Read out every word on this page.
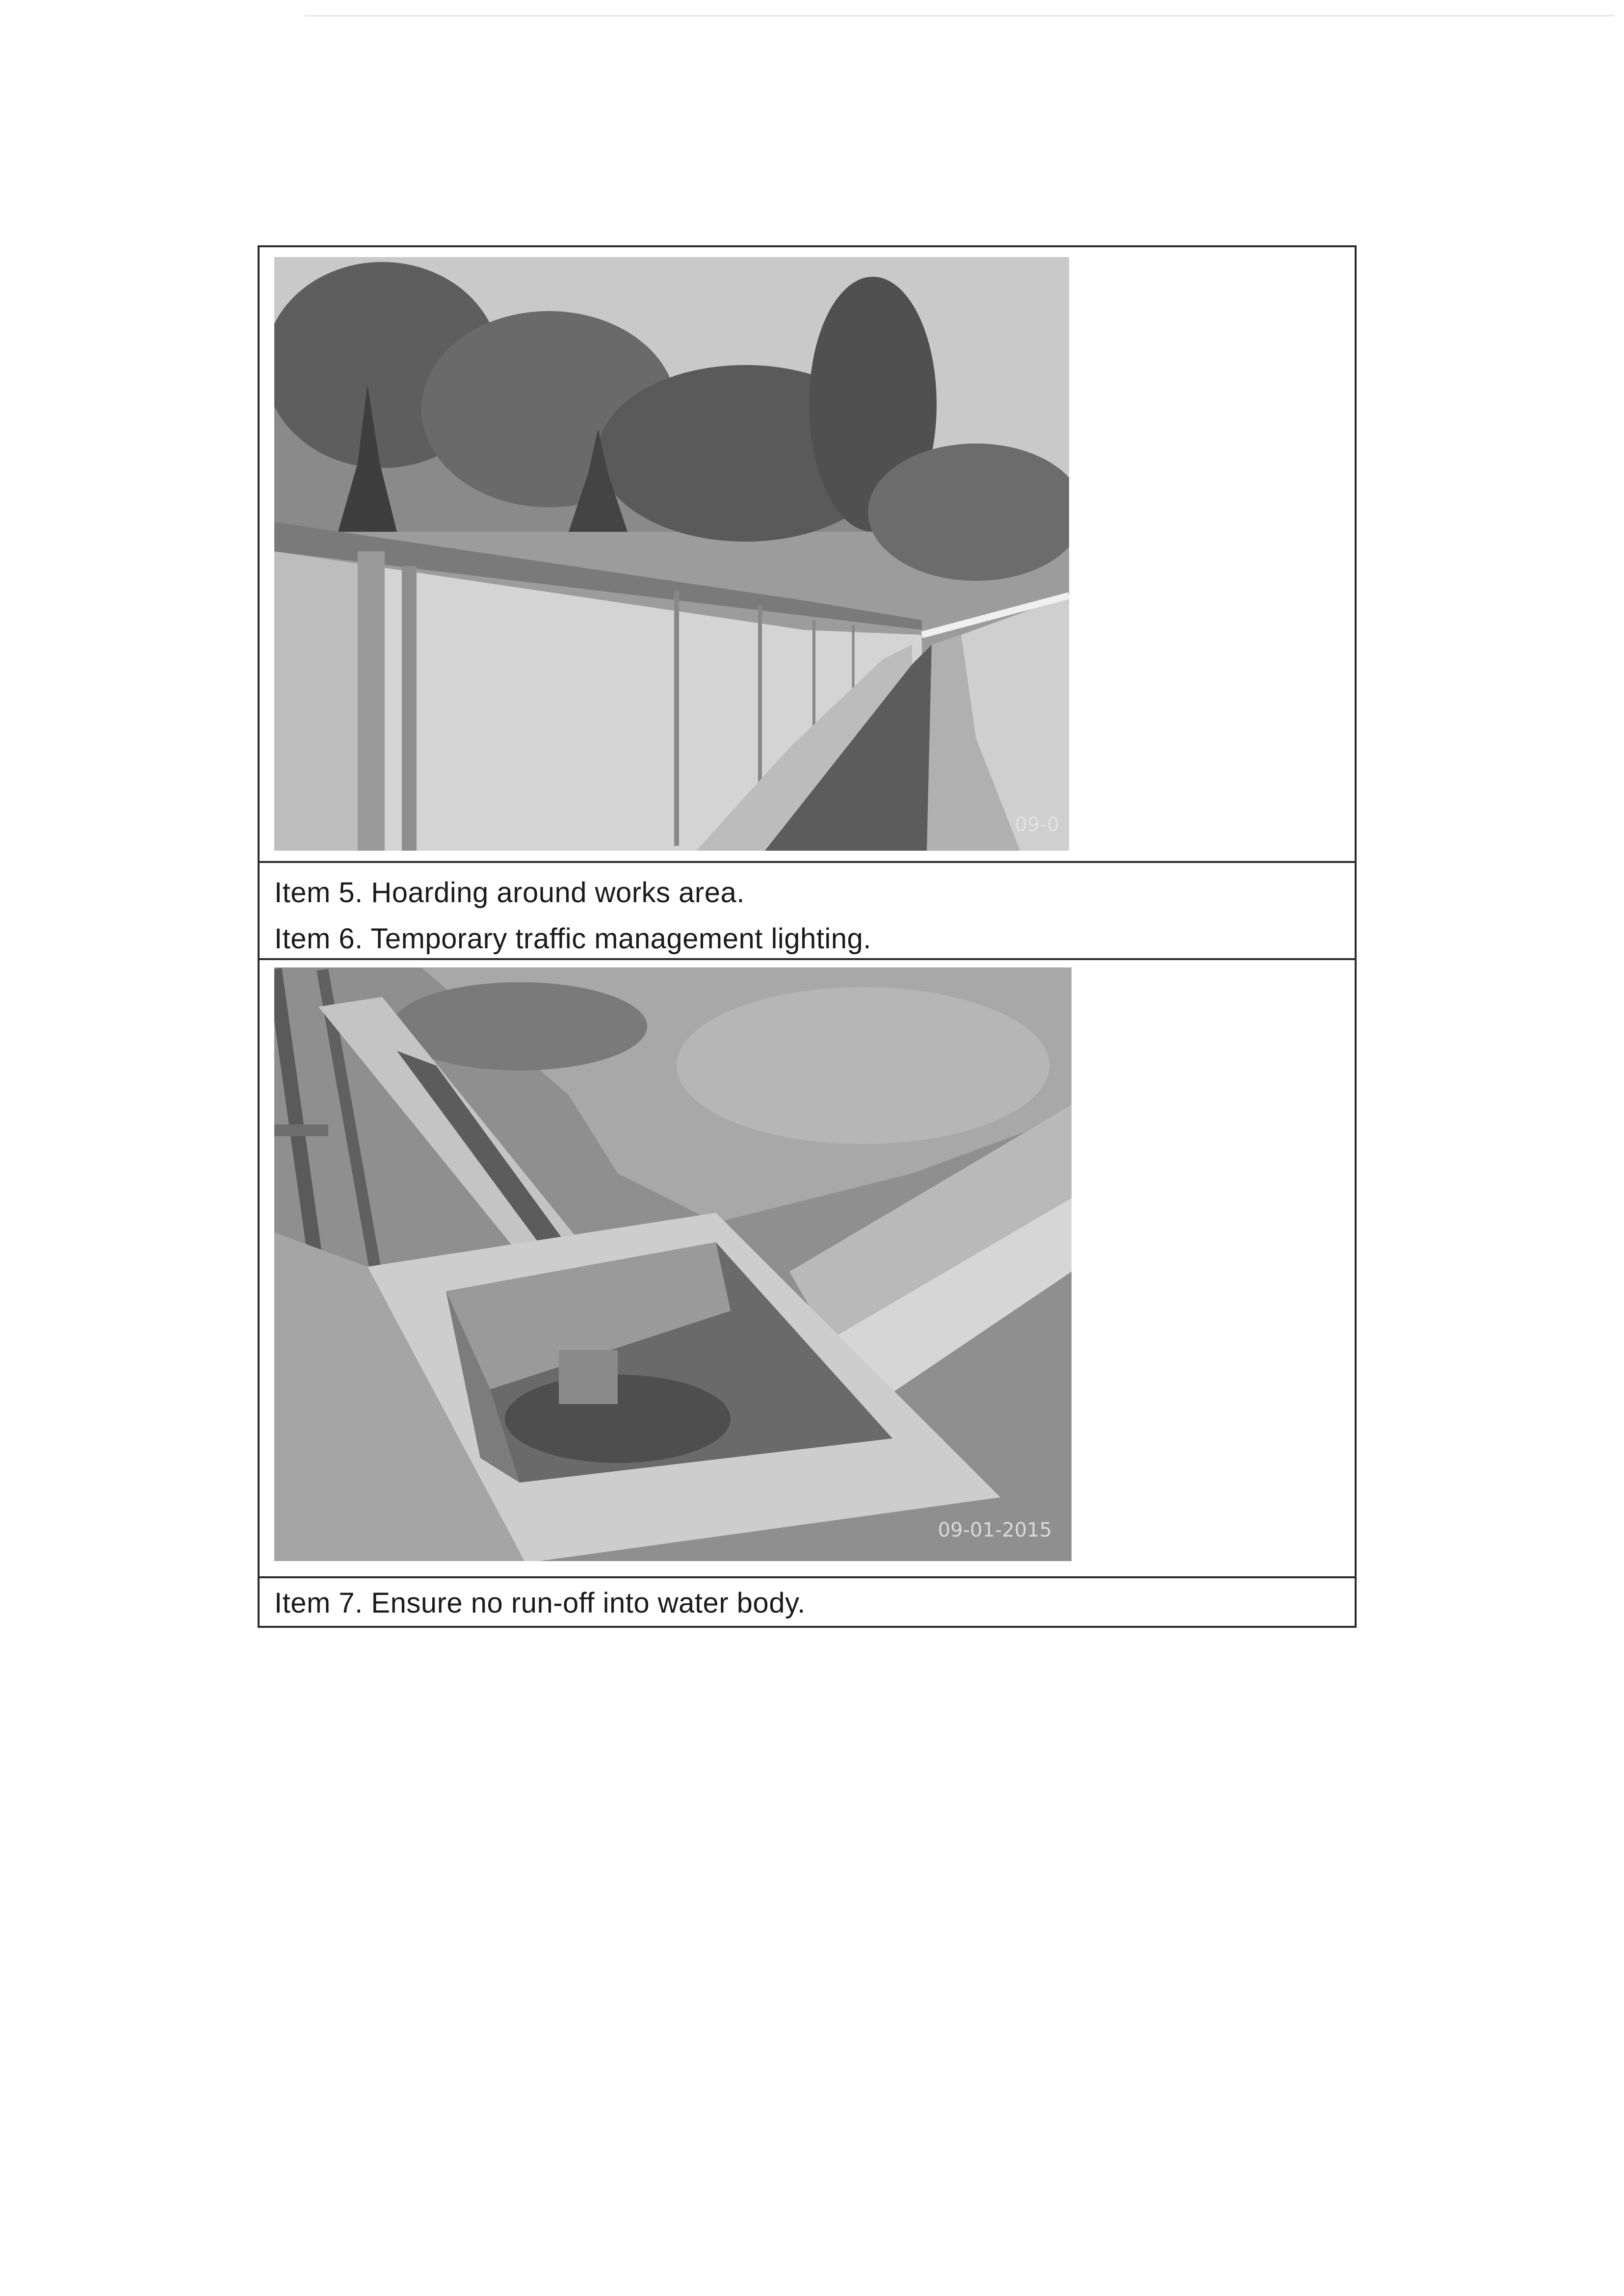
09-0
Item 5. Hoarding around works area.
Item 6. Temporary traffic management lighting.
09-01-2015
Item 7. Ensure no run-off into water body.
